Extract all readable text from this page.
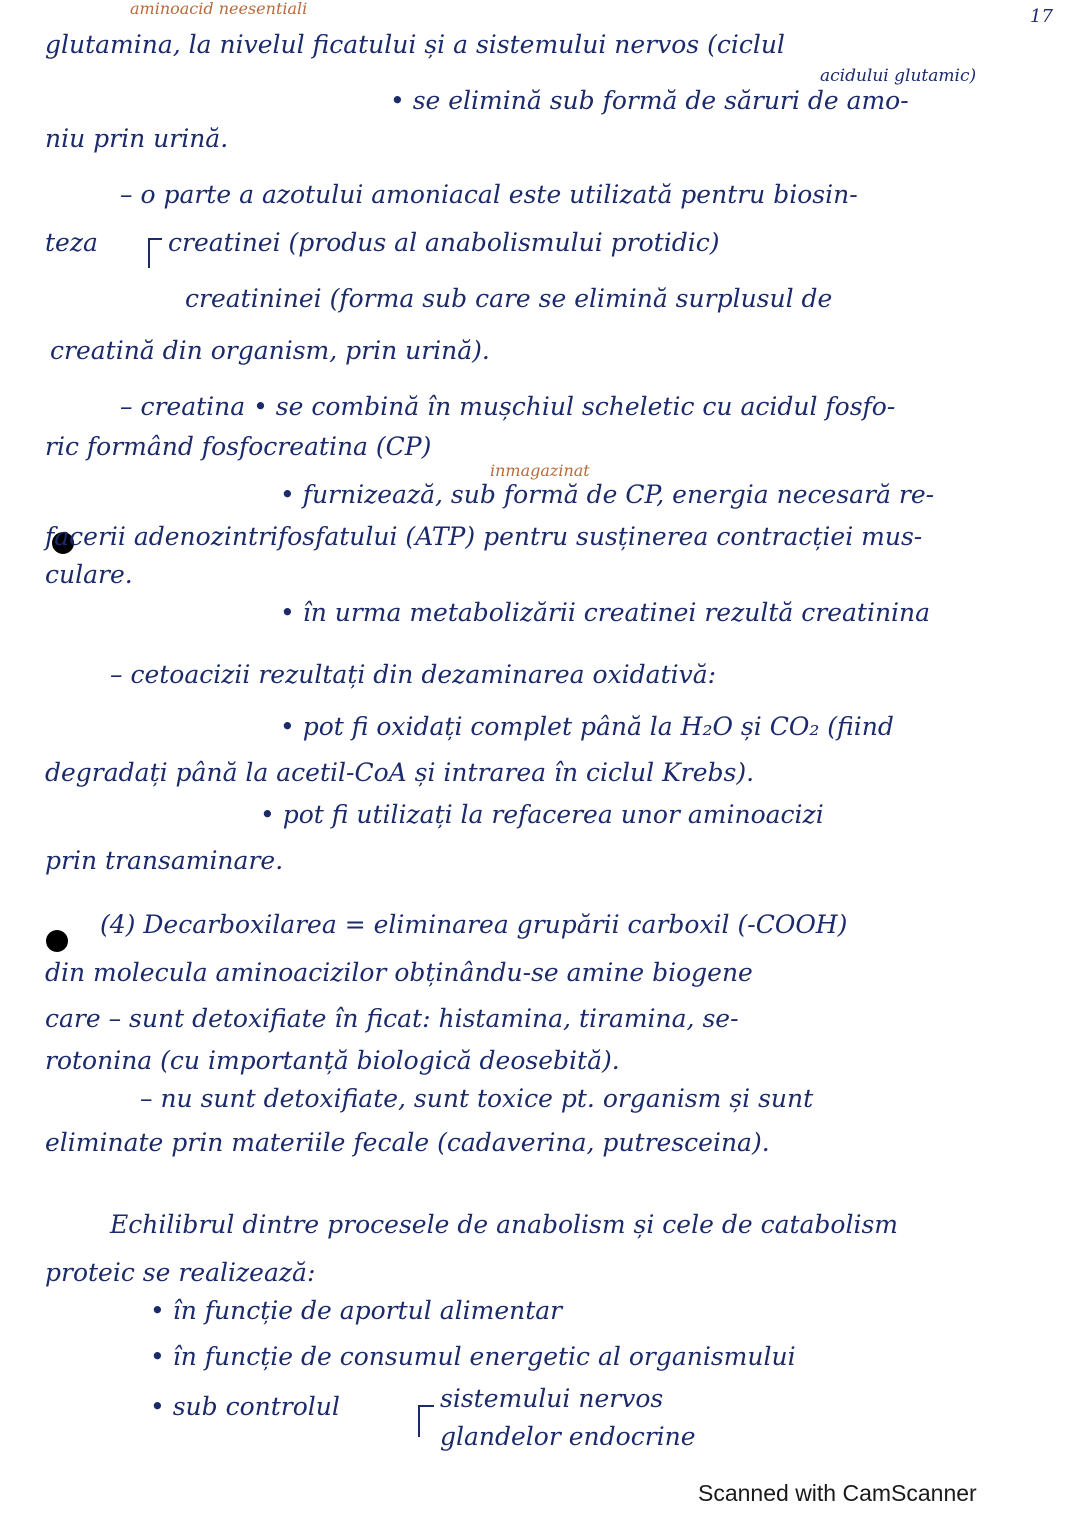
17
aminoacid neesentiali
glutamina, la nivelul ficatului și a sistemului nervos (ciclul
acidului glutamic)
• se elimină sub formă de săruri de amo-
niu prin urină.
– o parte a azotului amoniacal este utilizată pentru biosin-
teza	creatinei (produs al anabolismului protidic)
creatininei (forma sub care se elimină surplusul de
creatină din organism, prin urină).
– creatina • se combină în mușchiul scheletic cu acidul fosfo-
ric formând fosfocreatina (CP)
inmagazinat
• furnizează, sub formă de CP, energia necesară re-
facerii adenozintrifosfatului (ATP) pentru susținerea contracției mus-
culare.
• în urma metabolizării creatinei rezultă creatinina
– cetoacizii rezultați din dezaminarea oxidativă:
• pot fi oxidați complet până la H₂O și CO₂ (fiind
degradați până la acetil-CoA și intrarea în ciclul Krebs).
• pot fi utilizați la refacerea unor aminoacizi
prin transaminare.
(4) Decarboxilarea = eliminarea grupării carboxil (-COOH)
din molecula aminoacizilor obținându-se amine biogene
care – sunt detoxifiate în ficat: histamina, tiramina, se-
rotonina (cu importanță biologică deosebită).
– nu sunt detoxifiate, sunt toxice pt. organism și sunt
eliminate prin materiile fecale (cadaverina, putresceina).
Echilibrul dintre procesele de anabolism și cele de catabolism
proteic se realizează:
• în funcție de aportul alimentar
• în funcție de consumul energetic al organismului
• sub controlul	sistemului nervos
glandelor endocrine
Scanned with CamScanner
